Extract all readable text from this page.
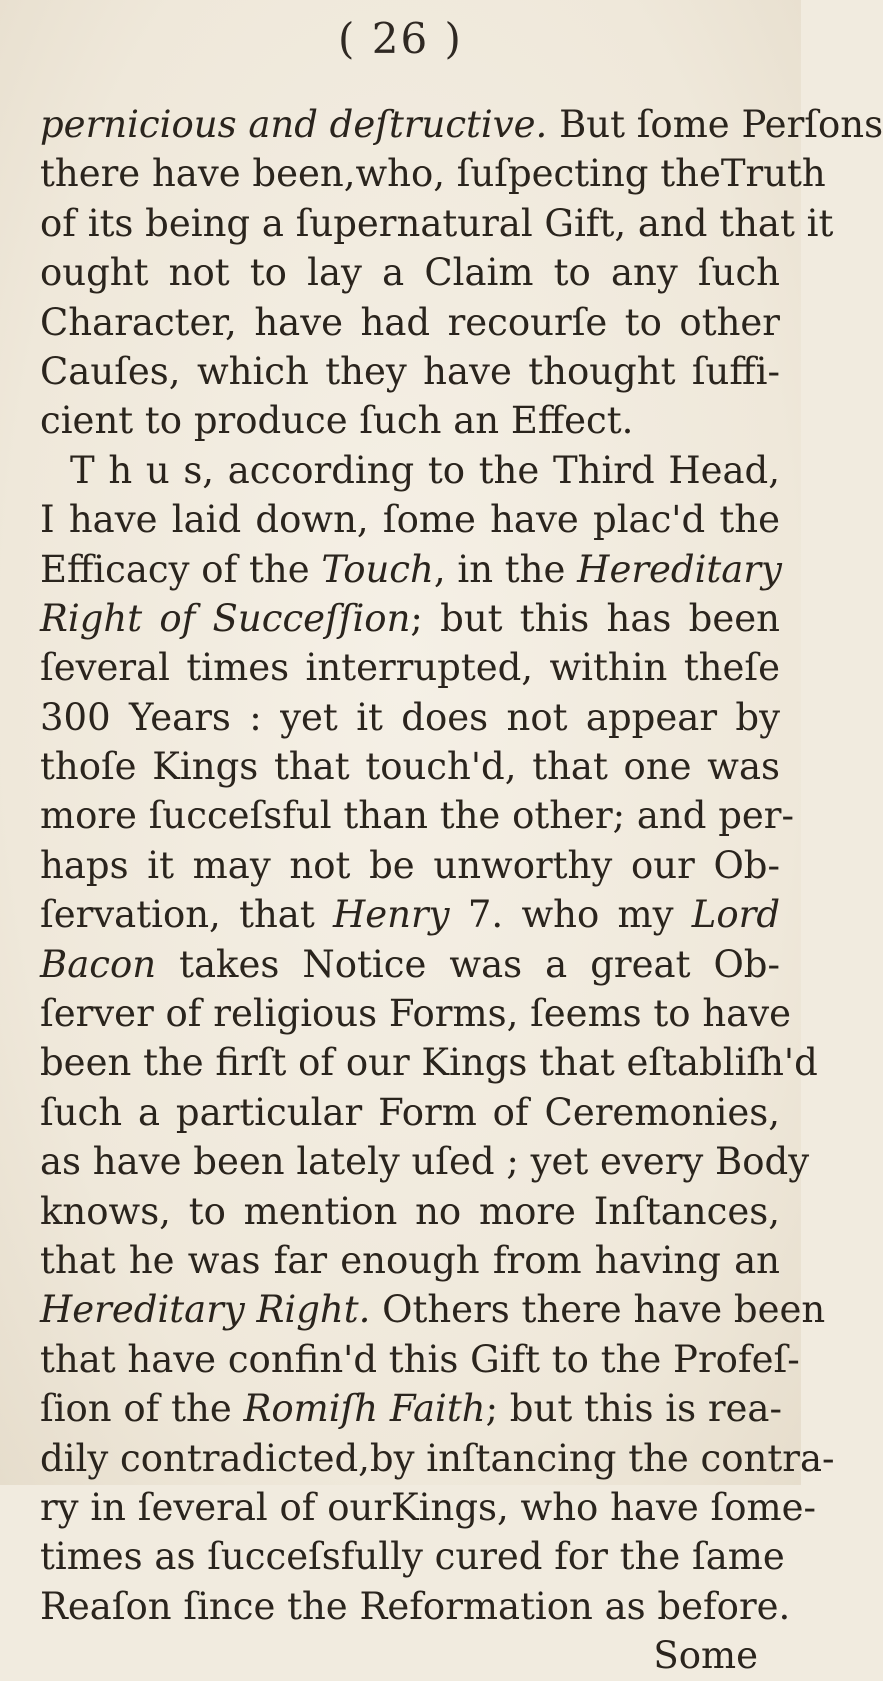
( 26 )
pernicious and deſtructive. But ſome Perſons
there have been,who, ſuſpecting theTruth
of its being a ſupernatural Gift, and that it
ought not to lay a Claim to any ſuch
Character, have had recourſe to other
Cauſes, which they have thought ſuffi-
cient to produce ſuch an Effect.
T h u s, according to the Third Head,
I have laid down, ſome have plac'd the
Efficacy of the Touch, in the Hereditary
Right of Succeſſion; but this has been
ſeveral times interrupted, within theſe
300 Years : yet it does not appear by
thoſe Kings that touch'd, that one was
more ſucceſsful than the other; and per-
haps it may not be unworthy our Ob-
ſervation, that Henry 7. who my Lord
Bacon takes Notice was a great Ob-
ſerver of religious Forms, ſeems to have
been the firſt of our Kings that eſtabliſh'd
ſuch a particular Form of Ceremonies,
as have been lately uſed ; yet every Body
knows, to mention no more Inſtances,
that he was far enough from having an
Hereditary Right. Others there have been
that have confin'd this Gift to the Profeſ-
ſion of the Romiſh Faith; but this is rea-
dily contradicted,by inſtancing the contra-
ry in ſeveral of ourKings, who have ſome-
times as ſucceſsfully cured for the ſame
Reaſon ſince the Reformation as before.
Some
